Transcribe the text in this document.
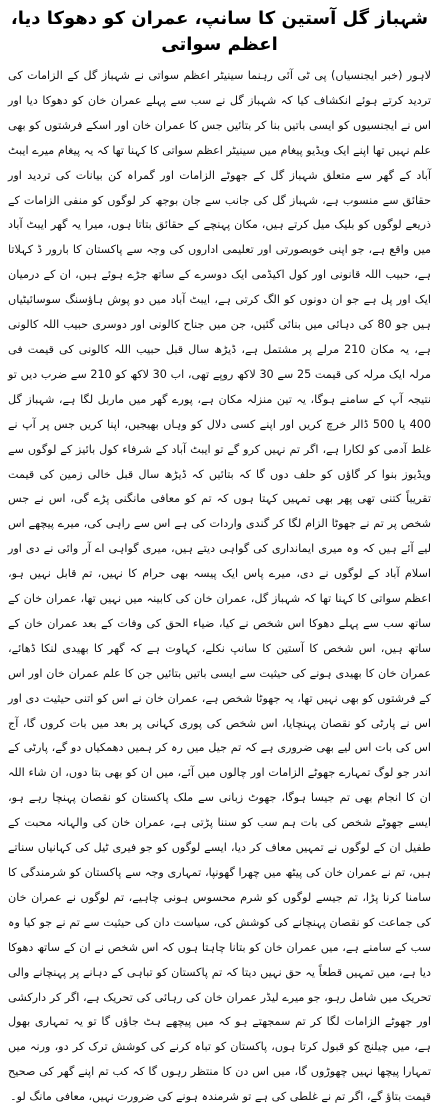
شہباز گل آستین کا سانپ، عمران کو دھوکا دیا، اعظم سواتی

لاہور (خبر ایجنسیاں) پی ٹی آئی رہنما سینیٹر اعظم سواتی نے شہباز گل کے الزامات کی تردید کرتے ہوئے انکشاف کیا کہ شہباز گل نے سب سے پہلے عمران خان کو دھوکا دیا اور اس نے ایجنسیوں کو ایسی باتیں بنا کر بتائیں جس کا عمران خان اور اسکے فرشتوں کو بھی علم نہیں تھا اپنے ایک ویڈیو پیغام میں سینیٹر اعظم سواتی کا کہنا تھا کہ یہ پیغام میرے ایبٹ آباد کے گھر سے متعلق شہباز گل کے جھوٹے الزامات اور گمراہ کن بیانات کی تردید اور حقائق سے منسوب ہے، شہباز گل کی جانب سے جان بوجھ کر لوگوں کو منفی الزامات کے ذریعے لوگوں کو بلیک میل کرتے ہیں، مکان پہنچے کے حقائق بتاتا ہوں، میرا یہ گھر ایبٹ آباد میں واقع ہے، جو اپنی خوبصورتی اور تعلیمی اداروں کی وجہ سے پاکستان کا بارور ڈ کہلاتا ہے، حبیب اللہ قانونی اور کول اکیڈمی ایک دوسرے کے ساتھ جڑے ہوئے ہیں، ان کے درمیان ایک اور پل ہے جو ان دونوں کو الگ کرتی ہے، ایبٹ آباد میں دو پوش ہاؤسنگ سوسائیٹیاں ہیں جو 80 کی دہائی میں بنائی گئیں، جن میں جناح کالونی اور دوسری حبیب اللہ کالونی ہے، یہ مکان 210 مرلے پر مشتمل ہے، ڈیڑھ سال قبل حبیب اللہ کالونی کی قیمت فی مرلہ ایک مرلہ کی قیمت 25 سے 30 لاکھ روپے تھی، اب 30 لاکھ کو 210 سے ضرب دیں تو نتیجہ آپ کے سامنے ہوگا، یہ تین منزلہ مکان ہے، پورے گھر میں ماربل لگا ہے، شہباز گل 400 یا 500 ڈالر خرچ کریں اور اپنے کسی دلال کو وہاں بھیجیں، اپنا کریں جس پر آپ نے غلط آدمی کو لکارا ہے، اگر تم نہیں کرو گے تو ایبٹ آباد کے شرفاء کول بائیز کے لوگوں سے ویڈیوز بنوا کر گاؤں کو حلف دوں گا کہ بتائیں کہ ڈیڑھ سال قبل خالی زمین کی قیمت تقریباً کتنی تھی پھر بھی تمہیں کہتا ہوں کہ تم کو معافی مانگنی پڑے گی، اس نے جس شخص پر تم نے جھوٹا الزام لگا کر گندی واردات کی ہے اس سے راہی کی، میرے پیچھے اس لیے آئے ہیں کہ وہ میری ایمانداری کی گواہی دیتے ہیں، میری گواہی اے آر وائی نے دی اور اسلام آباد کے لوگوں نے دی، میرے پاس ایک پیسہ بھی حرام کا نہیں، تم قابل نہیں ہو، اعظم سواتی کا کہنا تھا کہ شہباز گل، عمران خان کی کابینہ میں نہیں تھا، عمران خان کے ساتھ سب سے پہلے دھوکا اس شخص نے کیا، ضیاء الحق کی وفات کے بعد عمران خان کے ساتھ ہیں، اس شخص کا آستین کا سانپ نکلے، کہاوت ہے کہ گھر کا بھیدی لنکا ڈھائے، عمران خان کا بھیدی ہونے کی حیثیت سے ایسی باتیں بتائیں جن کا علم عمران خان اور اس کے فرشتوں کو بھی نہیں تھا، یہ جھوٹا شخص ہے، عمران خان نے اس کو اتنی حیثیت دی اور اس نے پارٹی کو نقصان پہنچایا، اس شخص کی پوری کہانی پر بعد میں بات کروں گا، آج اس کی بات اس لیے بھی ضروری ہے کہ تم جیل میں رہ کر ہمیں دھمکیاں دو گے، پارٹی کے اندر جو لوگ تمہارے جھوٹے الزامات اور چالوں میں آئے، میں ان کو بھی بتا دوں، ان شاء اللہ ان کا انجام بھی تم جیسا ہوگا، جھوٹ زبانی سے ملک پاکستان کو نقصان پہنچا رہے ہو، ایسے جھوٹے شخص کی بات ہم سب کو سننا پڑتی ہے، عمران خان کی والہانہ محبت کے طفیل ان کے لوگوں نے تمہیں معاف کر دیا، ایسے لوگوں کو جو فیری ٹیل کی کہانیاں سناتے ہیں، تم نے عمران خان کی پیٹھ میں چھرا گھونپا، تمہاری وجہ سے پاکستان کو شرمندگی کا سامنا کرنا پڑا، تم جیسے لوگوں کو شرم محسوس ہونی چاہیے، تم لوگوں نے عمران خان کی جماعت کو نقصان پہنچانے کی کوشش کی، سیاست دان کی حیثیت سے تم نے جو کیا وہ سب کے سامنے ہے، میں عمران خان کو بتانا چاہتا ہوں کہ اس شخص نے ان کے ساتھ دھوکا دیا ہے، میں تمہیں قطعاً یہ حق نہیں دیتا کہ تم پاکستان کو تباہی کے دہانے پر پہنچانے والی تحریک میں شامل رہو، جو میرے لیڈر عمران خان کی رہائی کی تحریک ہے، اگر کر دارکشی اور جھوٹے الزامات لگا کر تم سمجھتے ہو کہ میں پیچھے ہٹ جاؤں گا تو یہ تمہاری بھول ہے، میں چیلنج کو قبول کرتا ہوں، پاکستان کو تباہ کرنے کی کوشش ترک کر دو، ورنہ میں تمہارا پیچھا نہیں چھوڑوں گا، میں اس دن کا منتظر رہوں گا کہ کب تم اپنے گھر کی صحیح قیمت بتاؤ گے، اگر تم نے غلطی کی ہے تو شرمندہ ہونے کی ضرورت نہیں، معافی مانگ لو۔
